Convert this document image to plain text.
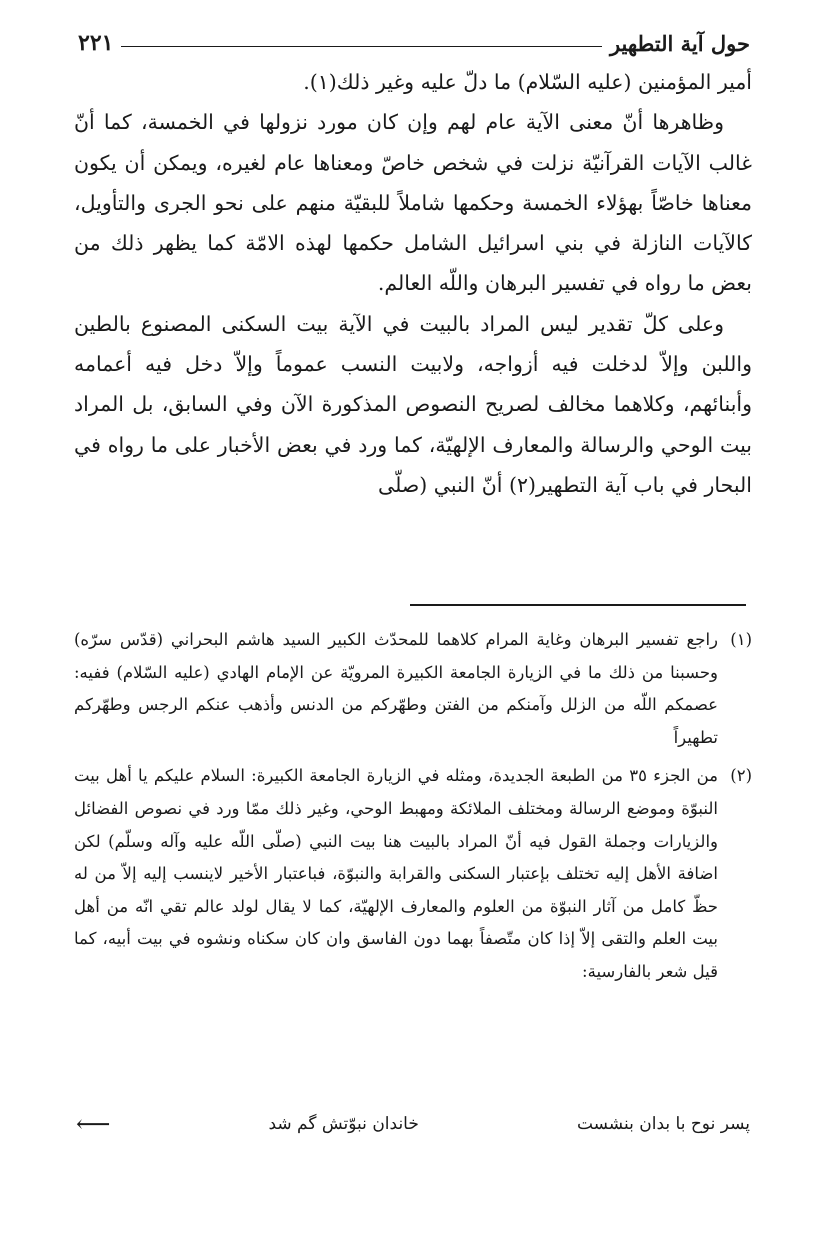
حول آية التطهير
٢٢١

أمير المؤمنين (عليه السّلام) ما دلّ عليه وغير ذلك(١).

وظاهرها أنّ معنى الآية عام لهم وإن كان مورد نزولها في الخمسة، كما أنّ غالب الآيات القرآنيّة نزلت في شخص خاصّ ومعناها عام لغيره، ويمكن أن يكون معناها خاصّاً بهؤلاء الخمسة وحكمها شاملاً للبقيّة منهم على نحو الجرى والتأويل، كالآيات النازلة في بني اسرائيل الشامل حكمها لهذه الامّة كما يظهر ذلك من بعض ما رواه في تفسير البرهان واللّه العالم.

وعلى كلّ تقدير ليس المراد بالبيت في الآية بيت السكنى المصنوع بالطين واللبن وإلاّ لدخلت فيه أزواجه، ولابيت النسب عموماً وإلاّ دخل فيه أعمامه وأبنائهم، وكلاهما مخالف لصريح النصوص المذكورة الآن وفي السابق، بل المراد بيت الوحي والرسالة والمعارف الإلهيّة، كما ورد في بعض الأخبار على ما رواه في البحار في باب آية التطهير(٢) أنّ النبي (صلّى

(١)
راجع تفسير البرهان وغاية المرام كلاهما للمحدّث الكبير السيد هاشم البحراني (قدّس سرّه) وحسبنا من ذلك ما في الزيارة الجامعة الكبيرة المرويّة عن الإمام الهادي (عليه السّلام) ففيه: عصمكم اللّه من الزلل وآمنكم من الفتن وطهّركم من الدنس وأذهب عنكم الرجس وطهّركم تطهيراً
(٢)
من الجزء ٣٥ من الطبعة الجديدة، ومثله في الزيارة الجامعة الكبيرة: السلام عليكم يا أهل بيت النبوّة وموضع الرسالة ومختلف الملائكة ومهبط الوحي، وغير ذلك ممّا ورد في نصوص الفضائل والزيارات وجملة القول فيه أنّ المراد بالبيت هنا بيت النبي (صلّى اللّه عليه وآله وسلّم) لكن اضافة الأهل إليه تختلف بإعتبار السكنى والقرابة والنبوّة، فباعتبار الأخير لاينسب إليه إلاّ من له حظّ كامل من آثار النبوّة من العلوم والمعارف الإلهيّة، كما لا يقال لولد عالم تقي انّه من أهل بيت العلم والتقى إلاّ إذا كان متّصفاً بهما دون الفاسق وان كان سكناه ونشوه في بيت أبيه، كما قيل شعر بالفارسية:
پسر نوح با بدان بنشست
خاندان نبوّتش گم شد
⟵
